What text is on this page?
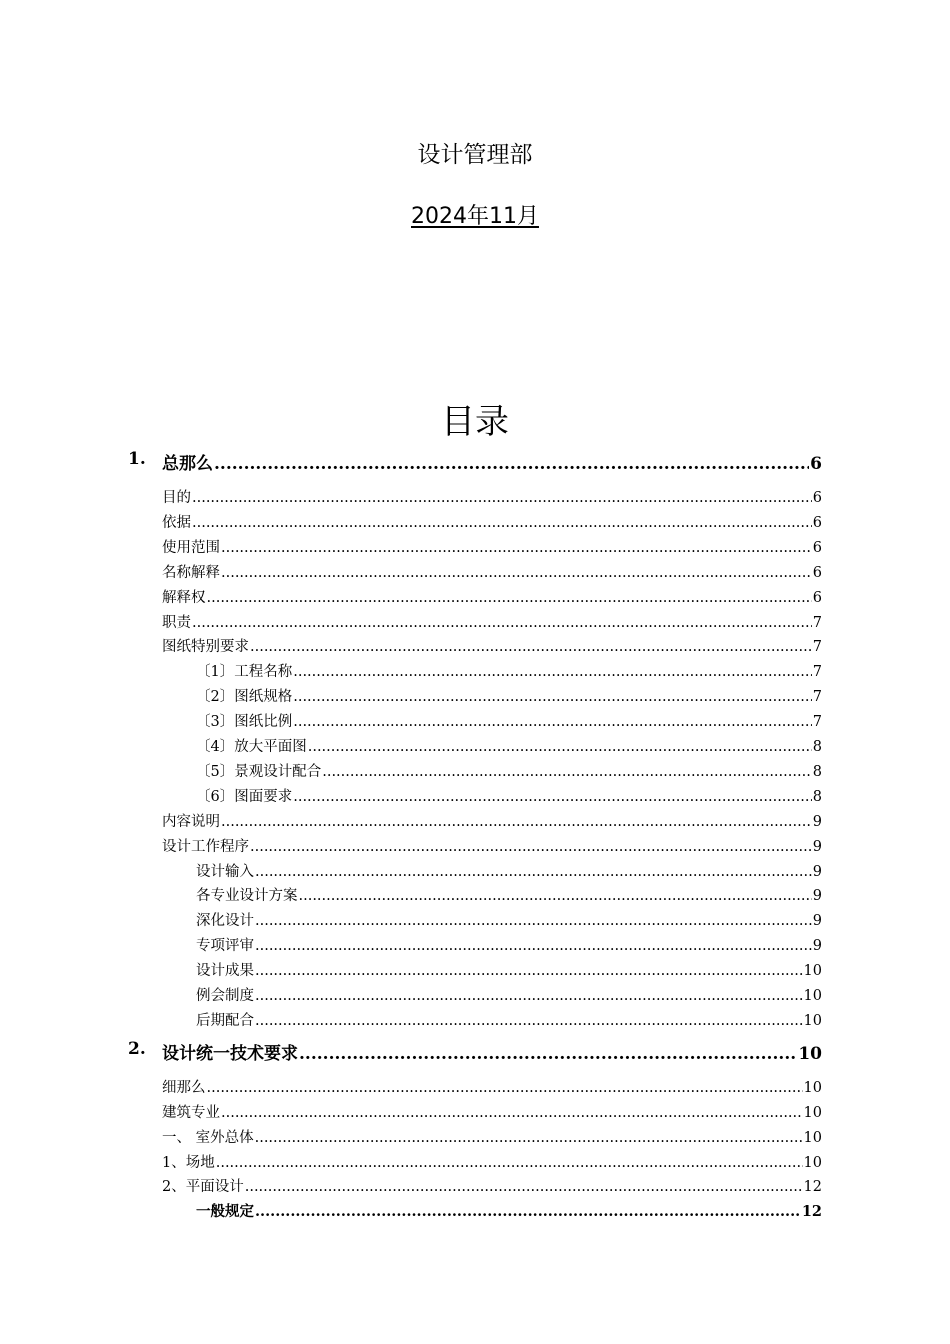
设计管理部
2024年11月
目录
1. 总那么 .....	6
目的 .....	6
依据 .....	6
使用范围 .....	6
名称解释 .....	6
解释权 .....	6
职责 .....	7
图纸特别要求 .....	7
〔1〕工程名称 .....	7
〔2〕图纸规格 .....	7
〔3〕图纸比例 .....	7
〔4〕放大平面图 .....	8
〔5〕景观设计配合 .....	8
〔6〕图面要求 .....	8
内容说明 .....	9
设计工作程序 .....	9
设计输入 .....	9
各专业设计方案 .....	9
深化设计 .....	9
专项评审 .....	9
设计成果 .....	10
例会制度 .....	10
后期配合 .....	10
2. 设计统一技术要求 .....	10
细那么 .....	10
建筑专业 .....	10
一、 室外总体 .....	10
1、场地 .....	10
2、平面设计 .....	12
一般规定 .....	12
